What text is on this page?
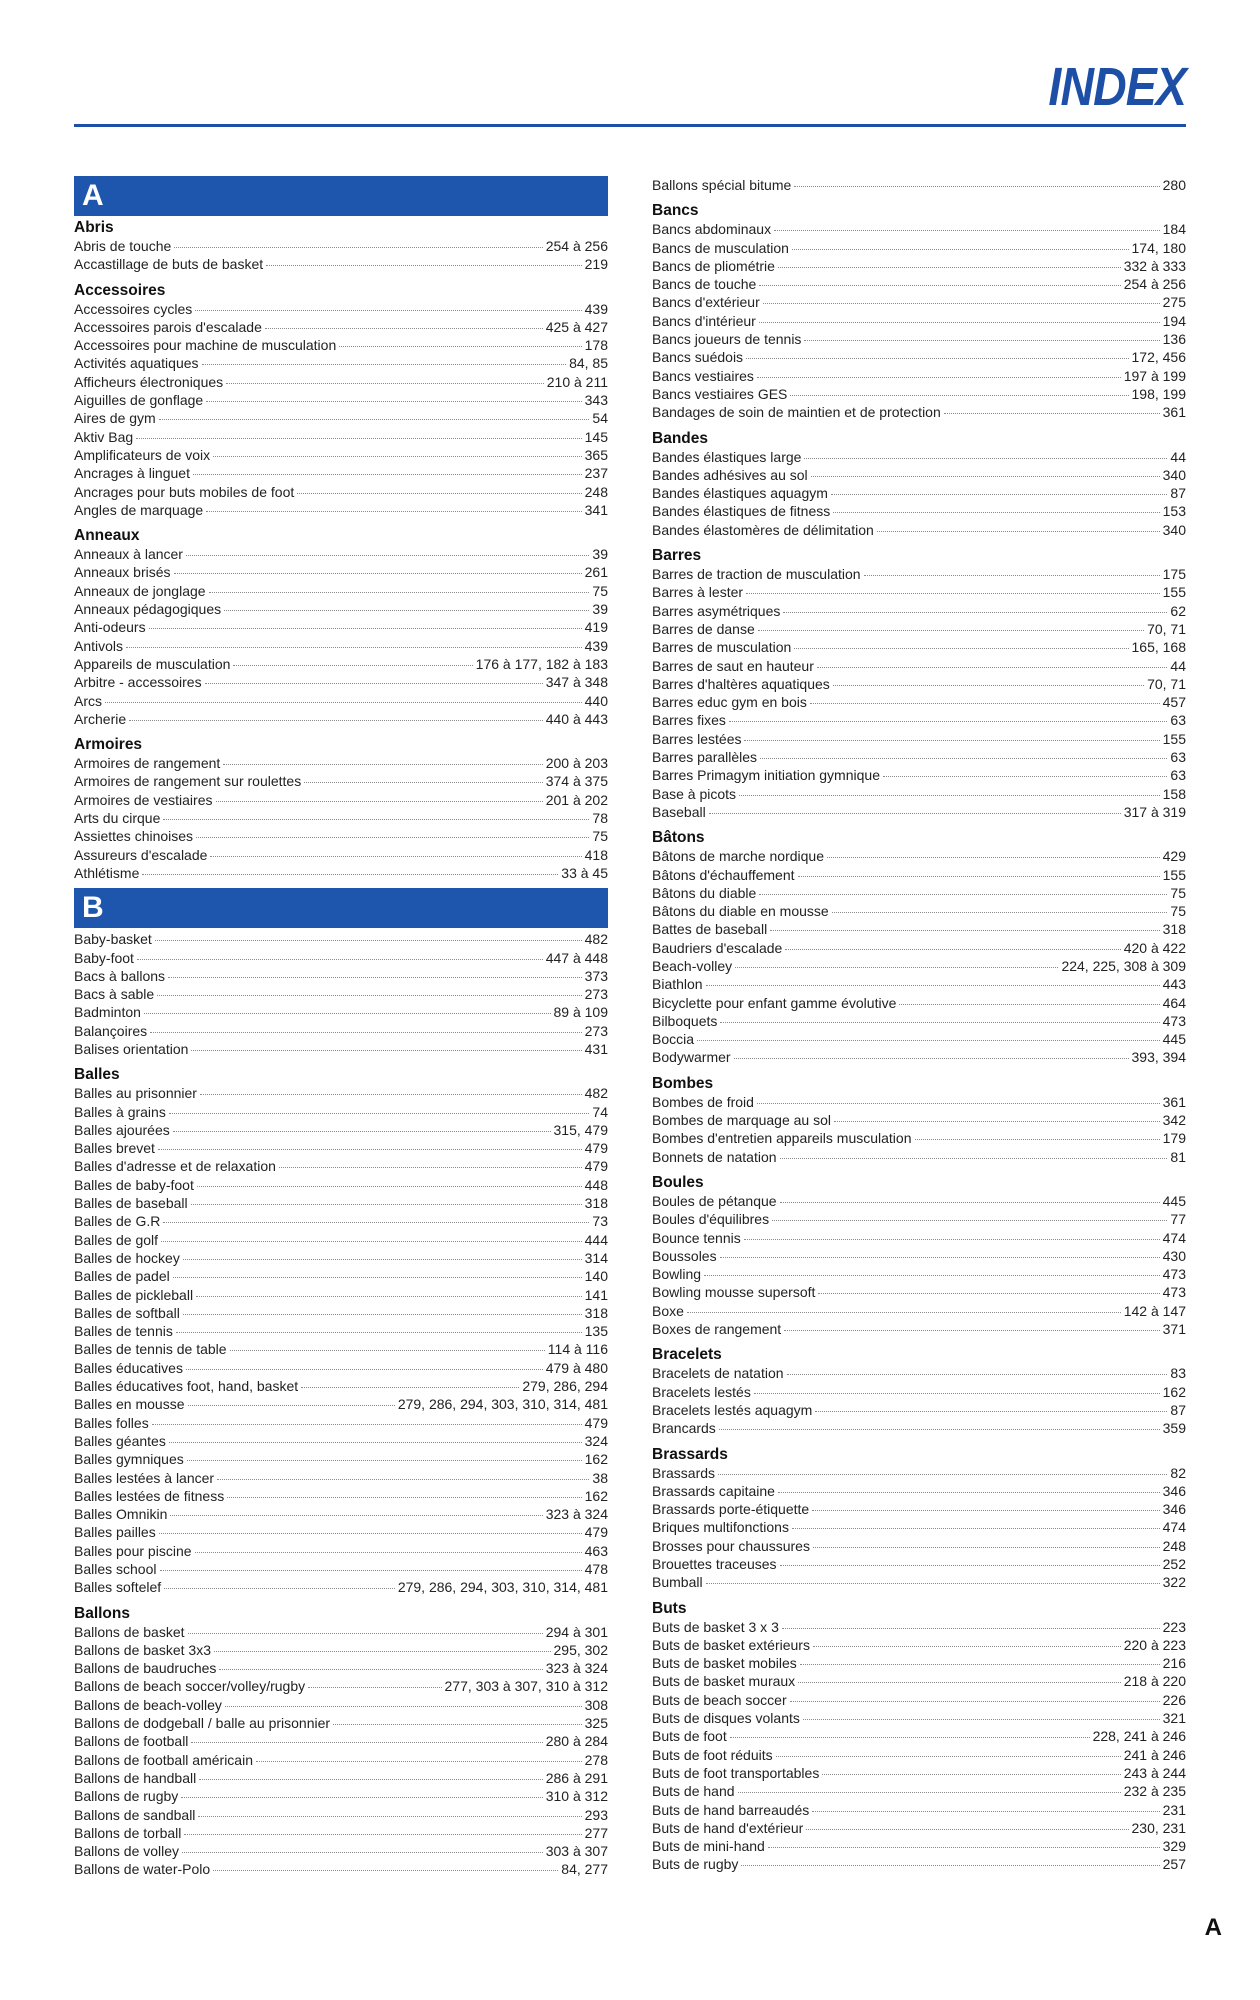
INDEX
A
Abris
Abris de touche	254 à 256
Accastillage de buts de basket	219
Accessoires
Accessoires cycles	439
Accessoires parois d'escalade	425 à 427
Accessoires pour machine de musculation	178
Activités aquatiques	84, 85
Afficheurs électroniques	210 à 211
Aiguilles de gonflage	343
Aires de gym	54
Aktiv Bag	145
Amplificateurs de voix	365
Ancrages à linguet	237
Ancrages pour buts mobiles de foot	248
Angles de marquage	341
Anneaux
Anneaux à lancer	39
Anneaux brisés	261
Anneaux de jonglage	75
Anneaux pédagogiques	39
Anti-odeurs	419
Antivols	439
Appareils de musculation	176 à 177, 182 à 183
Arbitre - accessoires	347 à 348
Arcs	440
Archerie	440 à 443
Armoires
Armoires de rangement	200 à 203
Armoires de rangement sur roulettes	374 à 375
Armoires de vestiaires	201 à 202
Arts du cirque	78
Assiettes chinoises	75
Assureurs d'escalade	418
Athlétisme	33 à 45
B
Baby-basket	482
Baby-foot	447 à 448
Bacs à ballons	373
Bacs à sable	273
Badminton	89 à 109
Balançoires	273
Balises orientation	431
Balles
Balles au prisonnier	482
Balles à grains	74
Balles ajourées	315, 479
Balles brevet	479
Balles d'adresse et de relaxation	479
Balles de baby-foot	448
Balles de baseball	318
Balles de G.R	73
Balles de golf	444
Balles de hockey	314
Balles de padel	140
Balles de pickleball	141
Balles de softball	318
Balles de tennis	135
Balles de tennis de table	114 à 116
Balles éducatives	479 à 480
Balles éducatives foot, hand, basket	279, 286, 294
Balles en mousse	279, 286, 294, 303, 310, 314, 481
Balles folles	479
Balles géantes	324
Balles gymniques	162
Balles lestées à lancer	38
Balles lestées de fitness	162
Balles Omnikin	323 à 324
Balles pailles	479
Balles pour piscine	463
Balles school	478
Balles softelef	279, 286, 294, 303, 310, 314, 481
Ballons
Ballons de basket	294 à 301
Ballons de basket 3x3	295, 302
Ballons de baudruches	323 à 324
Ballons de beach soccer/volley/rugby	277, 303 à 307, 310 à 312
Ballons de beach-volley	308
Ballons de dodgeball / balle au prisonnier	325
Ballons de football	280 à 284
Ballons de football américain	278
Ballons de handball	286 à 291
Ballons de rugby	310 à 312
Ballons de sandball	293
Ballons de torball	277
Ballons de volley	303 à 307
Ballons de water-Polo	84, 277
Ballons spécial bitume	280
Bancs
Bancs abdominaux	184
Bancs de musculation	174, 180
Bancs de pliométrie	332 à 333
Bancs de touche	254 à 256
Bancs d'extérieur	275
Bancs d'intérieur	194
Bancs joueurs de tennis	136
Bancs suédois	172, 456
Bancs vestiaires	197 à 199
Bancs vestiaires GES	198, 199
Bandages de soin de maintien et de protection	361
Bandes
Bandes élastiques large	44
Bandes adhésives au sol	340
Bandes élastiques aquagym	87
Bandes élastiques de fitness	153
Bandes élastomères de délimitation	340
Barres
Barres de traction de musculation	175
Barres à lester	155
Barres asymétriques	62
Barres de danse	70, 71
Barres de musculation	165, 168
Barres de saut en hauteur	44
Barres d'haltères aquatiques	70, 71
Barres educ gym en bois	457
Barres fixes	63
Barres lestées	155
Barres parallèles	63
Barres Primagym initiation gymnique	63
Base à picots	158
Baseball	317 à 319
Bâtons
Bâtons de marche nordique	429
Bâtons d'échauffement	155
Bâtons du diable	75
Bâtons du diable en mousse	75
Battes de baseball	318
Baudriers d'escalade	420 à 422
Beach-volley	224, 225, 308 à 309
Biathlon	443
Bicyclette pour enfant gamme évolutive	464
Bilboquets	473
Boccia	445
Bodywarmer	393, 394
Bombes
Bombes de froid	361
Bombes de marquage au sol	342
Bombes d'entretien appareils musculation	179
Bonnets de natation	81
Boules
Boules de pétanque	445
Boules d'équilibres	77
Bounce tennis	474
Boussoles	430
Bowling	473
Bowling mousse supersoft	473
Boxe	142 à 147
Boxes de rangement	371
Bracelets
Bracelets de natation	83
Bracelets lestés	162
Bracelets lestés aquagym	87
Brancards	359
Brassards
Brassards	82
Brassards capitaine	346
Brassards porte-étiquette	346
Briques multifonctions	474
Brosses pour chaussures	248
Brouettes traceuses	252
Bumball	322
Buts
Buts de basket 3 x 3	223
Buts de basket extérieurs	220 à 223
Buts de basket mobiles	216
Buts de basket muraux	218 à 220
Buts de beach soccer	226
Buts de disques volants	321
Buts de foot	228, 241 à 246
Buts de foot réduits	241 à 246
Buts de foot transportables	243 à 244
Buts de hand	232 à 235
Buts de hand barreaudés	231
Buts de hand d'extérieur	230, 231
Buts de mini-hand	329
Buts de rugby	257
A
